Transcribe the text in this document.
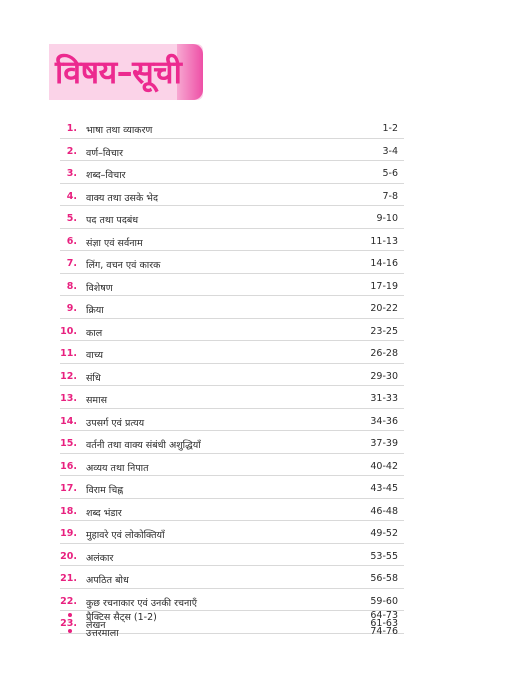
विषय–सूची
1. भाषा तथा व्याकरण	1-2
2. वर्ण–विचार	3-4
3. शब्द–विचार	5-6
4. वाक्य तथा उसके भेद	7-8
5. पद तथा पदबंध	9-10
6. संज्ञा एवं सर्वनाम	11-13
7. लिंग, वचन एवं कारक	14-16
8. विशेषण	17-19
9. क्रिया	20-22
10. काल	23-25
11. वाच्य	26-28
12. संधि	29-30
13. समास	31-33
14. उपसर्ग एवं प्रत्यय	34-36
15. वर्तनी तथा वाक्य संबंधी अशुद्धियाँ	37-39
16. अव्यय तथा निपात	40-42
17. विराम चिह्न	43-45
18. शब्द भंडार	46-48
19. मुहावरे एवं लोकोक्तियाँ	49-52
20. अलंकार	53-55
21. अपठित बोध	56-58
22. कुछ रचनाकार एवं उनकी रचनाएँ	59-60
23. लेखन	61-63
प्रैक्टिस सैट्स (1-2)	64-73
उत्तरमाला	74-76
